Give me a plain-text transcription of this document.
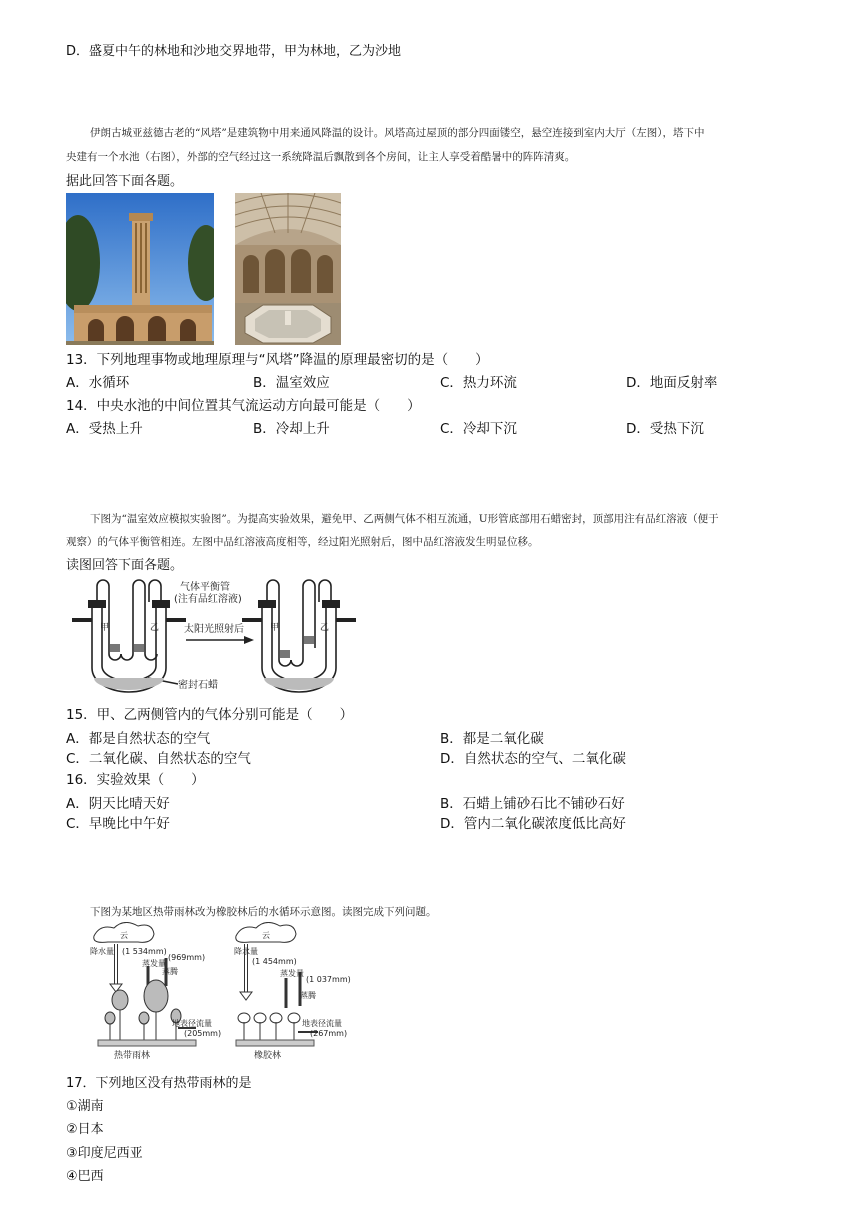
D．盛夏中午的林地和沙地交界地带，甲为林地，乙为沙地
伊朗古城亚兹德古老的“风塔”是建筑物中用来通风降温的设计。风塔高过屋顶的部分四面镂空，悬空连接到室内大厅（左图），塔下中
央建有一个水池（右图），外部的空气经过这一系统降温后飘散到各个房间，让主人享受着酷暑中的阵阵清爽。
据此回答下面各题。
13．下列地理事物或地理原理与“风塔”降温的原理最密切的是（　　）
A．水循环	B．温室效应	C．热力环流	D．地面反射率
14．中央水池的中间位置其气流运动方向最可能是（　　）
A．受热上升	B．冷却上升	C．冷却下沉	D．受热下沉
下图为“温室效应模拟实验图”。为提高实验效果，避免甲、乙两侧气体不相互流通，U形管底部用石蜡密封，顶部用注有品红溶液（便于
观察）的气体平衡管相连。左图中品红溶液高度相等，经过阳光照射后，图中品红溶液发生明显位移。
读图回答下面各题。
甲	乙	甲	乙
气体平衡管
(注有品红溶液)
太阳光照射后
密封石蜡
15．甲、乙两侧管内的气体分别可能是（　　）
A．都是自然状态的空气	B．都是二氧化碳
C．二氧化碳、自然状态的空气	D．自然状态的空气、二氧化碳
16．实验效果（　　）
A．阴天比晴天好	B．石蜡上铺砂石比不铺砂石好
C．早晚比中午好	D．管内二氧化碳浓度低比高好
下图为某地区热带雨林改为橡胶林后的水循环示意图。读图完成下列问题。
云
降水量 (1 534mm)
蒸发量
蒸腾
(969mm)
地表径流量
(205mm)
热带雨林
云
降水量
(1 454mm)
蒸发量
蒸腾
(1 037mm)
地表径流量
(267mm)
橡胶林
17．下列地区没有热带雨林的是
①湖南
②日本
③印度尼西亚
④巴西
